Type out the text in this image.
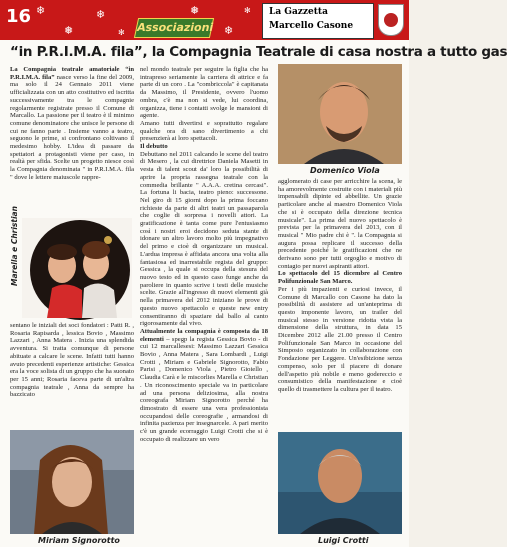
16 ❄
❅
❄
✻
❅
❄
✻
Associazioni
La Gazzetta
Marcello Casone
“in P.R.I.M.A. fila”, la Compagnia Teatrale di casa nostra a tutto gas

La Compagnia teatrale amatoriale “in P.R.I.M.A. fila” nasce verso la fine del 2009, ma solo il 24 Gennaio 2011 viene ufficializzata con un atto costitutivo ed iscritta successivamente tra le compagnie regolarmente registrate presso il Comune di Marcallo. La passione per il teatro è il minimo comune denominatore che unisce le persone di cui ne fanno parte . Insieme vanno a teatro, seguono le prime, si confrontano coltivano il medesimo hobby. L'idea di passare da spettatori a protagonisti viene per caso, in realtà per sfida. Scelte un progetto niesce così la Compagnia denominata " in P.R.I.M.A. fila " dove le lettere maiuscole rappre-

Marella e Christian

sentano le iniziali dei soci fondatori : Patti R. , Rosaria Rapisarda , lessica Bovio , Massimo Lazzari , Anna Matera . Inizia una splendida avventura. Si tratta comunque di persone abituate a calcare le scene. Infatti tutti hanno avuto precedenti esperienze artistiche: Gessica era la voce solista di un gruppo che ha suonato per 15 anni; Rosaria faceva parte di un'altra compagnia teatrale , Anna da sempre ha bazzicato

Miriam Signorotto

nel mondo teatrale per seguire la figlia che ha intrapreso seriamente la carriera di attrice e fa parte di un coro . La "combriccola" è capitanata da Massimo, il Presidente, ovvero l'uomo ombra, c'è ma non si vede, lui coordina, organizza, tiene i contatti svolge le mansioni di agente.

Amano tutti divertirsi e soprattutto regalare qualche ora di sano divertimento a chi presenzierà ai loro spettacoli.

Il debutto

Debuttano nel 2011 calcando le scene del teatro di Mesero , la cui direttrice Daniela Masetti in vesta di talent scout da' loro la possibilità di aprire la propria rassegna teatrale con la commedia brillante " A.A.A. cretina cercasi". La fortuna li bacia, teatro pieno: successone. Nel giro di 15 giorni dopo la prima foccano richieste da parte di altri teatri un passaparola che coglie di sorpresa i novelli attori. La gratificazione è tanta come pure l'entusiasmo così i nostri eroi decidono seduta stante di idonare un altro lavoro molto più impegnativo del primo e cioè di organizzare un musical. L'ardua impresa è affidata ancora una volta alla fantasiosa ed inarrestabile regista del gruppo: Gessica , la quale si occupa della stesura del nuovo testo ed in questo caso funge anche da paroliere in quanto scrive i testi delle musiche scelte. Grazie all'ingresso di nuovi elementi già nella primavera del 2012 iniziano le prove di questo nuovo spettacolo e queste new entry consentiranno di spaziare dal ballo al canto rigorosamente dal vivo.

Attualmente la compagnia è composta da 18 elementi – spegp la regista Gessica Bovio - di cui 12 marcallesesi: Massimo Lazzari Gessica Bovio , Anna Matera , Sara Lombardi , Luigi Crotti , Miriam e Gabriele Signorotto, Fabio Parisi , Domenico Viola , Pietro Gioiello , Claudia Carà e le miscorlies Marella e Christian . Un riconoscimento speciale va in particolare ad una persona deliziosima, alla nostra coreografa Miriam Signorotto perché ha dimostrato di essere una vera professionista occupandosi delle coreografie , armandosi di infinita pazienza per insegnarcele. A pari merito c'è un grande ecorraggio Luigi Crotti che si è occupato di realizzare un vero

Domenico Viola

agglomerato di case per arricchire la scena, le ha amorevolmente costruite con i materiali più impensabili dipinte ed abbellite. Un grazie particolare anche al maestro Domenico Viola che si è occupato della direzione tecnica musicale". La prima del nuovo spettacolo è prevista per la primavera del 2013, con il musical " Mio padre chi è ". la Compagnia si augura possa replicare il successo della precedente poiché le gratificazioni che ne derivano sono per tutti orgoglio e motivo di contagio per nuovi aspiranti attori.

Lo spettacolo del 15 dicembre al Centro Polifunzionale San Marco.

Per i più impazienti e curiosi invece, il Comune di Marcallo con Casone ha dato la possibilità di assistere ad un'anteprima di questo imponente lavoro, un trailer del musical stesso in versione ridotta vista la dimensione della struttura, in data 15 Dicembre 2012 alle 21.00 presso il Centro Polifunzionale San Marco in occasione del Simposio organizzato in collaborazione con Fondazione per Leggere. Un'esibizione senza compenso, solo per il piacere di donare dell'aspetto più nobile e meno godereccio e consumistico della manifestazione e cioè quello di trasmettere la cultura per il teatro.

Luigi Crotti
